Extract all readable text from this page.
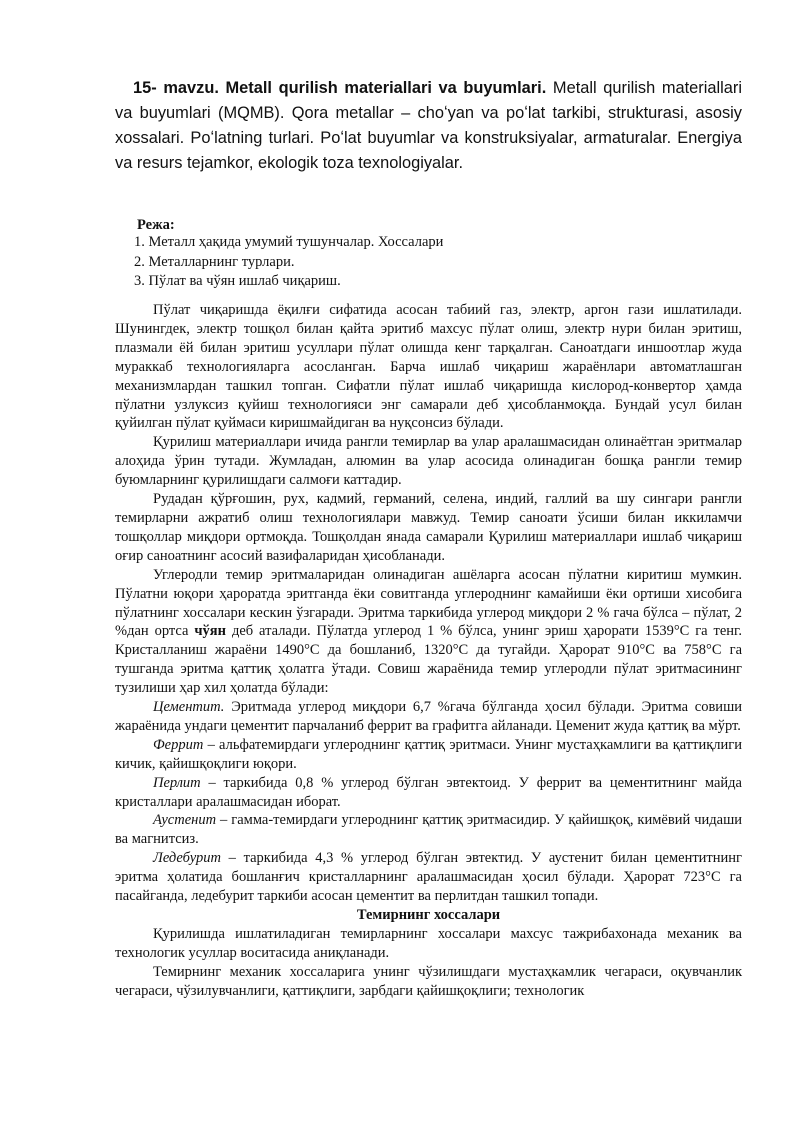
15- mavzu. Metall qurilish materiallari va buyumlari. Metall qurilish materiallari va buyumlari (MQMB). Qora metallar – choʻyan va poʻlat tarkibi, strukturasi, asosiy xossalari. Poʻlatning turlari. Poʻlat buyumlar va konstruksiyalar, armaturalar. Energiya va resurs tejamkor, ekologik toza texnologiyalar.
Режа:
1. Металл ҳақида умумий тушунчалар. Хоссалари
2. Металларнинг турлари.
3. Пўлат ва чўян ишлаб чиқариш.

Пўлат чиқаришда ёқилғи сифатида асосан табиий газ, электр, аргон гази ишлатилади. Шунингдек, электр тошқол билан қайта эритиб махсус пўлат олиш, электр нури билан эритиш, плазмали ёй билан эритиш усуллари пўлат олишда кенг тарқалган. Саноатдаги иншоотлар жуда мураккаб технологияларга асосланган. Барча ишлаб чиқариш жараёнлари автоматлашган механизмлардан ташкил топган. Сифатли пўлат ишлаб чиқаришда кислород-конвертор ҳамда пўлатни узлуксиз қуйиш технологияси энг самарали деб ҳисобланмоқда. Бундай усул билан қуйилган пўлат қуймаси киришмайдиган ва нуқсонсиз бўлади.

Қурилиш материаллари ичида рангли темирлар ва улар аралашмасидан олинаётган эритмалар алоҳида ўрин тутади. Жумладан, алюмин ва улар асосида олинадиган бошқа рангли темир буюмларнинг қурилишдаги салмоғи каттадир.

Рудадан қўрғошин, рух, кадмий, германий, селена, индий, галлий ва шу сингари рангли темирларни ажратиб олиш технологиялари мавжуд. Темир саноати ўсиши билан иккиламчи тошқоллар миқдори ортмоқда. Тошқолдан янада самарали Қурилиш материаллари ишлаб чиқариш оғир саноатнинг асосий вазифаларидан ҳисобланади.

Углеродли темир эритмаларидан олинадиган ашёларга асосан пўлатни киритиш мумкин. Пўлатни юқори ҳароратда эритганда ёки совитганда углероднинг камайиши ёки ортиши хисобига пўлатнинг хоссалари кескин ўзгаради. Эритма таркибида углерод миқдори 2 % гача бўлса – пўлат, 2 %дан ортса чўян деб аталади. Пўлатда углерод 1 % бўлса, унинг эриш ҳарорати 1539°С га тенг. Кристалланиш жараёни 1490°С да бошланиб, 1320°С да тугайди. Ҳарорат 910°С ва 758°С га тушганда эритма қаттиқ ҳолатга ўтади. Совиш жараёнида темир углеродли пўлат эритмасининг тузилиши ҳар хил ҳолатда бўлади:

Цементит. Эритмада углерод миқдори 6,7 %гача бўлганда ҳосил бўлади. Эритма совиши жараёнида ундаги цементит парчаланиб феррит ва графитга айланади. Цеменит жуда қаттиқ ва мўрт.

Феррит – альфатемирдаги углероднинг қаттиқ эритмаси. Унинг мустаҳкамлиги ва қаттиқлиги кичик, қайишқоқлиги юқори.

Перлит – таркибида 0,8 % углерод бўлган эвтектоид. У феррит ва цементитнинг майда кристаллари аралашмасидан иборат.

Аустенит – гамма-темирдаги углероднинг қаттиқ эритмасидир. У қайишқоқ, кимёвий чидаши ва магнитсиз.

Ледебурит – таркибида 4,3 % углерод бўлган эвтектид. У аустенит билан цементитнинг эритма ҳолатида бошланғич кристалларнинг аралашмасидан ҳосил бўлади. Ҳарорат 723°С га пасайганда, ледебурит таркиби асосан цементит ва перлитдан ташкил топади.

Темирнинг хоссалари

Қурилишда ишлатиладиган темирларнинг хоссалари махсус тажрибахонада механик ва технологик усуллар воситасида аниқланади.

Темирнинг механик хоссаларига унинг чўзилишдаги мустаҳкамлик чегараси, оқувчанлик чегараси, чўзилувчанлиги, қаттиқлиги, зарбдаги қайишқоқлиги; технологик
